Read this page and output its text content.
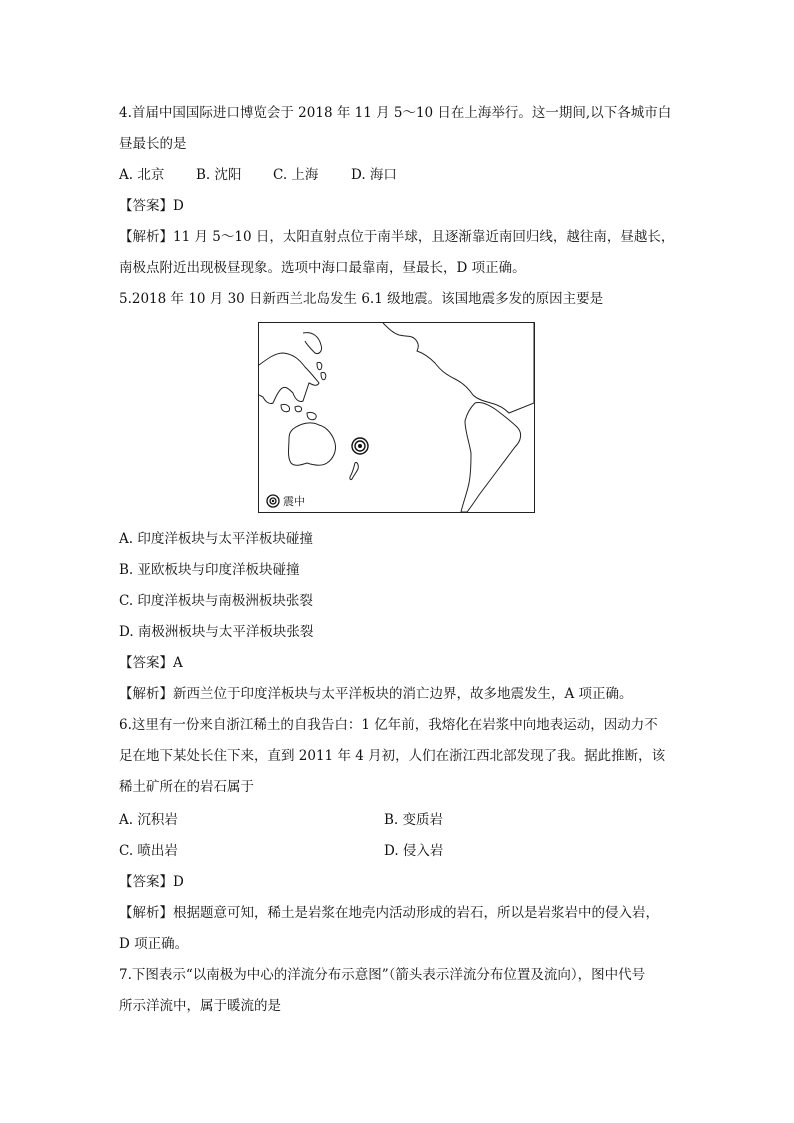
4.首届中国国际进口博览会于 2018 年 11 月 5～10 日在上海举行。这一期间,以下各城市白
昼最长的是
A. 北京 B. 沈阳 C. 上海 D. 海口
【答案】D
【解析】11 月 5～10 日，太阳直射点位于南半球，且逐渐靠近南回归线，越往南，昼越长，
南极点附近出现极昼现象。选项中海口最靠南，昼最长，D 项正确。
5.2018 年 10 月 30 日新西兰北岛发生 6.1 级地震。该国地震多发的原因主要是
震中
A. 印度洋板块与太平洋板块碰撞
B. 亚欧板块与印度洋板块碰撞
C. 印度洋板块与南极洲板块张裂
D. 南极洲板块与太平洋板块张裂
【答案】A
【解析】新西兰位于印度洋板块与太平洋板块的消亡边界，故多地震发生，A 项正确。
6.这里有一份来自浙江稀土的自我告白：1 亿年前，我熔化在岩浆中向地表运动，因动力不
足在地下某处长住下来，直到 2011 年 4 月初，人们在浙江西北部发现了我。据此推断，该
稀土矿所在的岩石属于
A. 沉积岩	B. 变质岩
C. 喷出岩	D. 侵入岩
【答案】D
【解析】根据题意可知，稀土是岩浆在地壳内活动形成的岩石，所以是岩浆岩中的侵入岩，
D 项正确。
7.下图表示“以南极为中心的洋流分布示意图”（箭头表示洋流分布位置及流向），图中代号
所示洋流中，属于暖流的是
